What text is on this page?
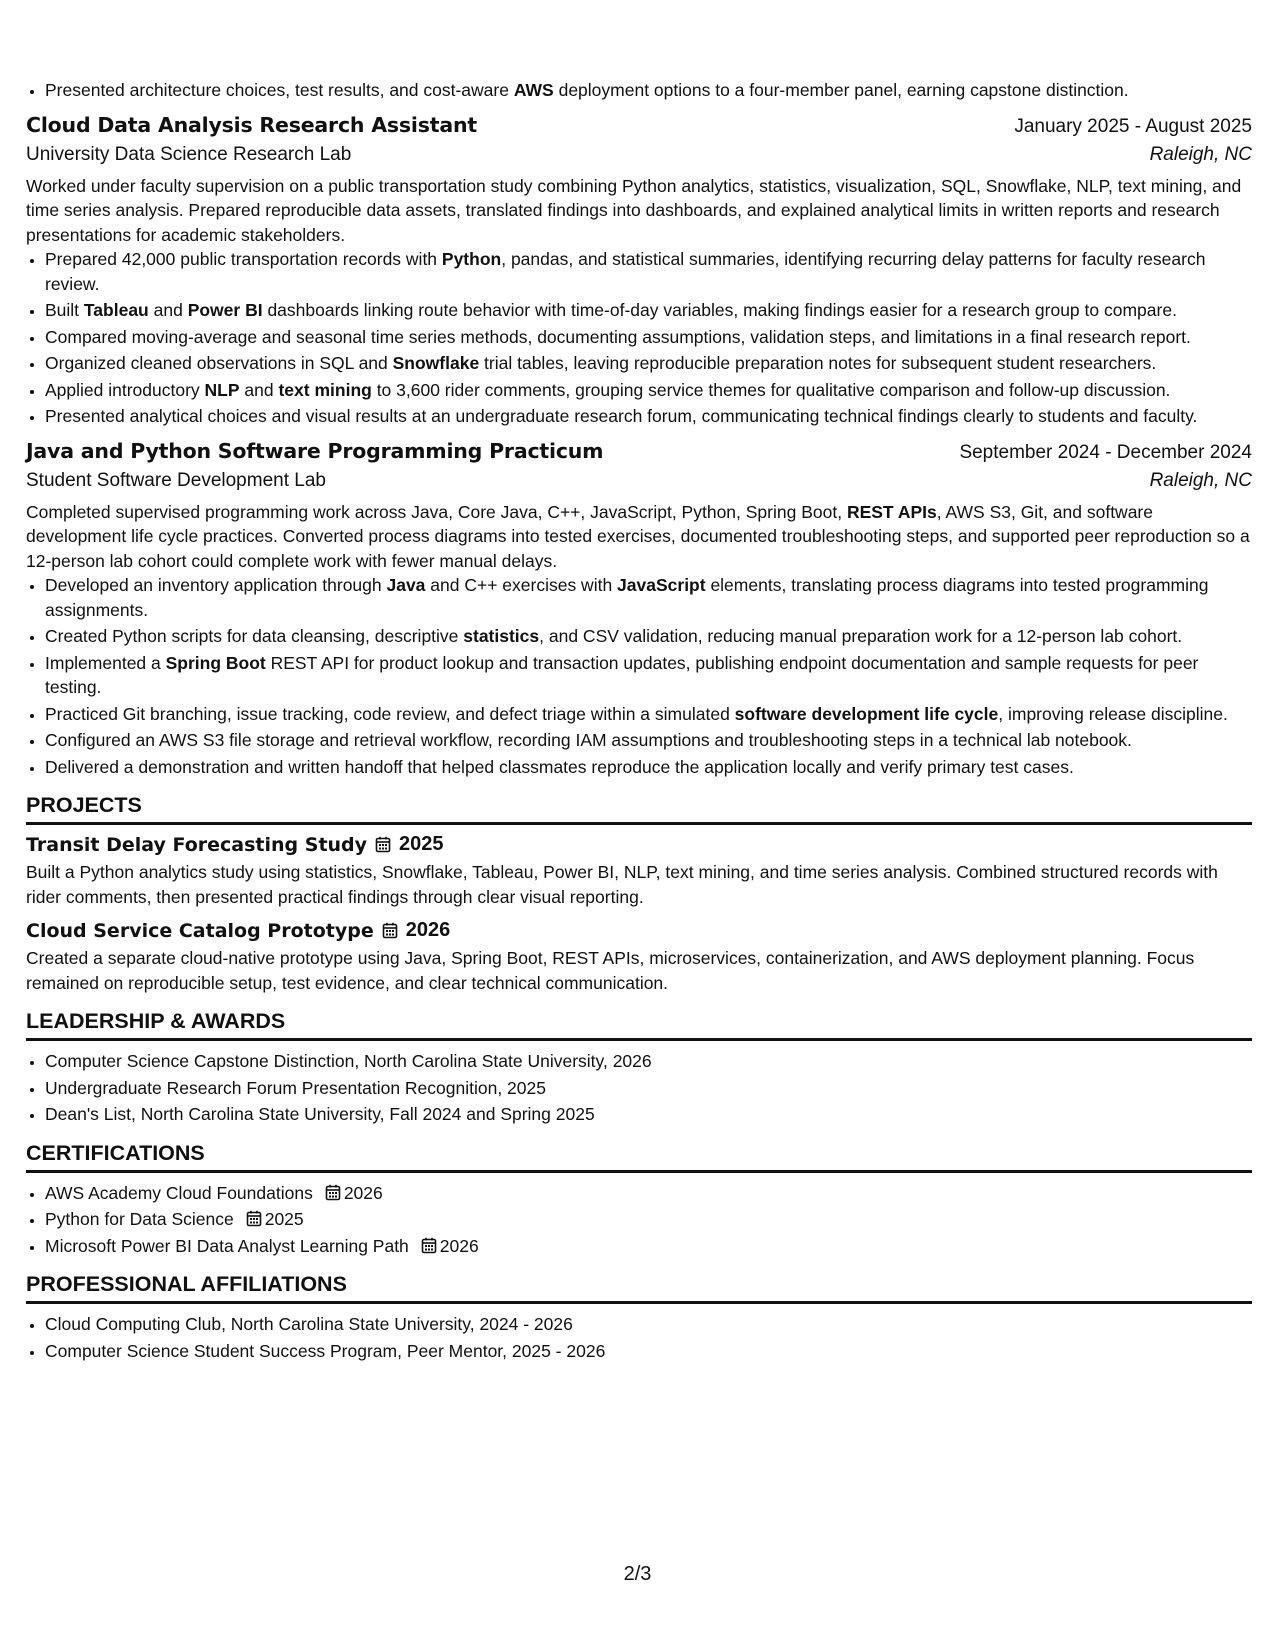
• Presented architecture choices, test results, and cost-aware AWS deployment options to a four-member panel, earning capstone distinction.
Cloud Data Analysis Research Assistant	January 2025 - August 2025
University Data Science Research Lab	Raleigh, NC
Worked under faculty supervision on a public transportation study combining Python analytics, statistics, visualization, SQL, Snowflake, NLP, text mining, and time series analysis. Prepared reproducible data assets, translated findings into dashboards, and explained analytical limits in written reports and research presentations for academic stakeholders.
• Prepared 42,000 public transportation records with Python, pandas, and statistical summaries, identifying recurring delay patterns for faculty research review.
• Built Tableau and Power BI dashboards linking route behavior with time-of-day variables, making findings easier for a research group to compare.
• Compared moving-average and seasonal time series methods, documenting assumptions, validation steps, and limitations in a final research report.
• Organized cleaned observations in SQL and Snowflake trial tables, leaving reproducible preparation notes for subsequent student researchers.
• Applied introductory NLP and text mining to 3,600 rider comments, grouping service themes for qualitative comparison and follow-up discussion.
• Presented analytical choices and visual results at an undergraduate research forum, communicating technical findings clearly to students and faculty.
Java and Python Software Programming Practicum	September 2024 - December 2024
Student Software Development Lab	Raleigh, NC
Completed supervised programming work across Java, Core Java, C++, JavaScript, Python, Spring Boot, REST APIs, AWS S3, Git, and software development life cycle practices. Converted process diagrams into tested exercises, documented troubleshooting steps, and supported peer reproduction so a 12-person lab cohort could complete work with fewer manual delays.
• Developed an inventory application through Java and C++ exercises with JavaScript elements, translating process diagrams into tested programming assignments.
• Created Python scripts for data cleansing, descriptive statistics, and CSV validation, reducing manual preparation work for a 12-person lab cohort.
• Implemented a Spring Boot REST API for product lookup and transaction updates, publishing endpoint documentation and sample requests for peer testing.
• Practiced Git branching, issue tracking, code review, and defect triage within a simulated software development life cycle, improving release discipline.
• Configured an AWS S3 file storage and retrieval workflow, recording IAM assumptions and troubleshooting steps in a technical lab notebook.
• Delivered a demonstration and written handoff that helped classmates reproduce the application locally and verify primary test cases.
PROJECTS
Transit Delay Forecasting Study 2025
Built a Python analytics study using statistics, Snowflake, Tableau, Power BI, NLP, text mining, and time series analysis. Combined structured records with rider comments, then presented practical findings through clear visual reporting.
Cloud Service Catalog Prototype 2026
Created a separate cloud-native prototype using Java, Spring Boot, REST APIs, microservices, containerization, and AWS deployment planning. Focus remained on reproducible setup, test evidence, and clear technical communication.
LEADERSHIP & AWARDS
• Computer Science Capstone Distinction, North Carolina State University, 2026
• Undergraduate Research Forum Presentation Recognition, 2025
• Dean's List, North Carolina State University, Fall 2024 and Spring 2025
CERTIFICATIONS
• AWS Academy Cloud Foundations 2026
• Python for Data Science 2025
• Microsoft Power BI Data Analyst Learning Path 2026
PROFESSIONAL AFFILIATIONS
• Cloud Computing Club, North Carolina State University, 2024 - 2026
• Computer Science Student Success Program, Peer Mentor, 2025 - 2026
2/3
